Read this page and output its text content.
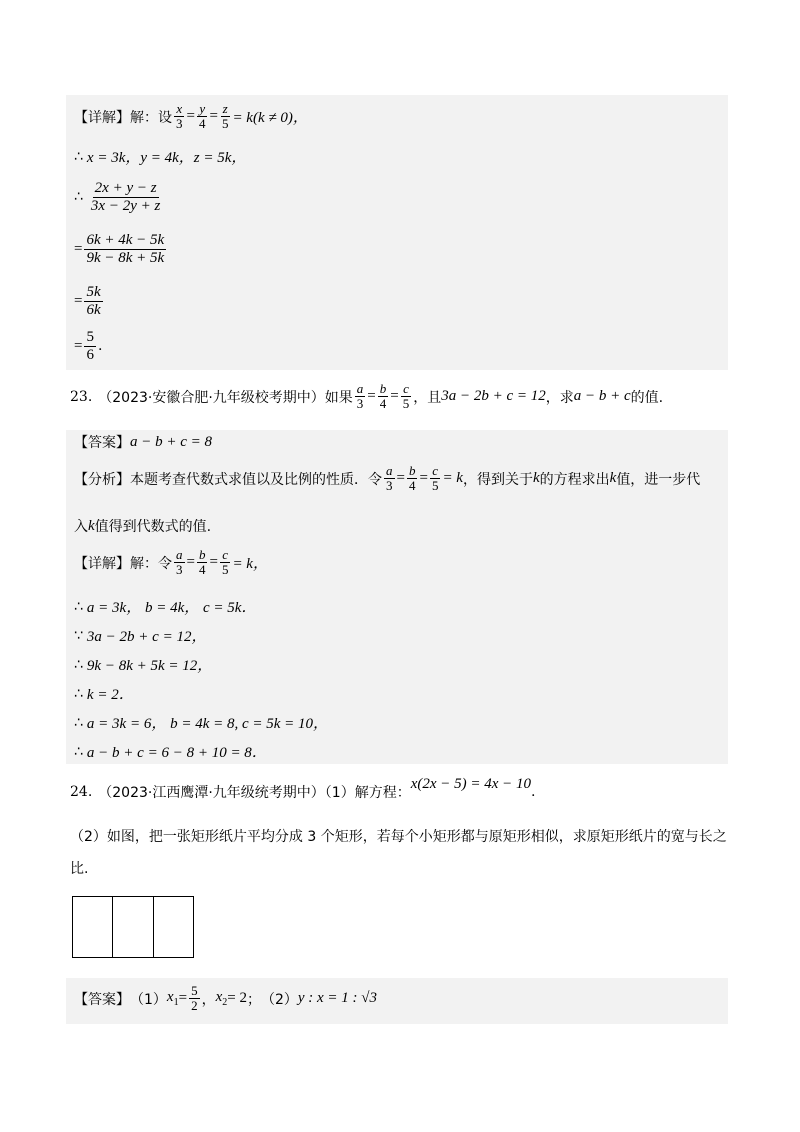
【详解】解：设 $\frac{x}{3} = \frac{y}{4} = \frac{z}{5} = k(k \ne 0)$，
∴ x = 3k，y = 4k，z = 5k，
∴ $\frac{2x + y - z}{3x - 2y + z}$
= $\frac{6k + 4k - 5k}{9k - 8k + 5k}$
= $\frac{5k}{6k}$
= $\frac{5}{6}$ .
23. （2023·安徽合肥·九年级校考期中）如果 $\frac{a}{3} = \frac{b}{4} = \frac{c}{5}$ ，且 3a − 2b + c = 12 ，求 a − b + c 的值.
【答案】 a − b + c = 8
【分析】 本题考查代数式求值以及比例的性质．令 $\frac{a}{3} = \frac{b}{4} = \frac{c}{5} = k$ ，得到关于 k 的方程求出 k 值，进一步代
入 k 值得到代数式的值.
【详解】解：令 $\frac{a}{3} = \frac{b}{4} = \frac{c}{5} = k$，
∴ a = 3k， b = 4k， c = 5k．
∵ 3a − 2b + c = 12，
∴ 9k − 8k + 5k = 12，
∴ k = 2．
∴ a = 3k = 6， b = 4k = 8, c = 5k = 10，
∴ a − b + c = 6 − 8 + 10 = 8．
24. （2023·江西鹰潭·九年级统考期中）（1）解方程：
x(2x − 5) = 4x − 10
.
（2）如图，把一张矩形纸片平均分成 3 个矩形，若每个小矩形都与原矩形相似，求原矩形纸片的宽与长之
比.
【答案】 （1） $x_1 = \frac{5}{2}$ ， $x_2 = 2$ ； （2） y : x = 1 : √3
